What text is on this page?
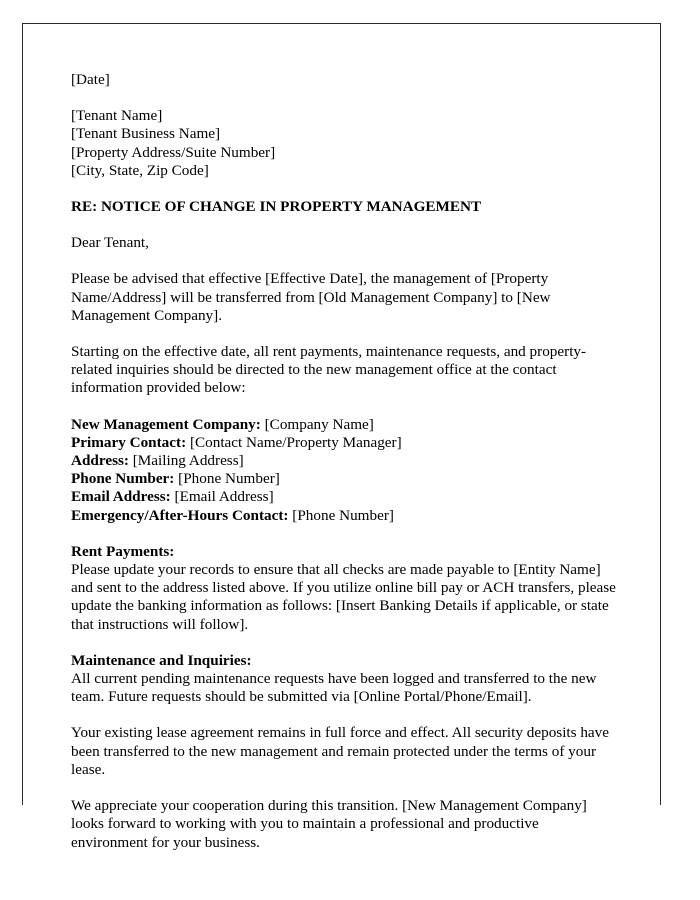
[Date]
[Tenant Name]
[Tenant Business Name]
[Property Address/Suite Number]
[City, State, Zip Code]
RE: NOTICE OF CHANGE IN PROPERTY MANAGEMENT
Dear Tenant,

Please be advised that effective [Effective Date], the management of [Property Name/Address] will be transferred from [Old Management Company] to [New Management Company].

Starting on the effective date, all rent payments, maintenance requests, and property-related inquiries should be directed to the new management office at the contact information provided below:

New Management Company: [Company Name]
Primary Contact: [Contact Name/Property Manager]
Address: [Mailing Address]
Phone Number: [Phone Number]
Email Address: [Email Address]
Emergency/After-Hours Contact: [Phone Number]
Rent Payments:

Please update your records to ensure that all checks are made payable to [Entity Name] and sent to the address listed above. If you utilize online bill pay or ACH transfers, please update the banking information as follows: [Insert Banking Details if applicable, or state that instructions will follow].

Maintenance and Inquiries:

All current pending maintenance requests have been logged and transferred to the new team. Future requests should be submitted via [Online Portal/Phone/Email].

Your existing lease agreement remains in full force and effect. All security deposits have been transferred to the new management and remain protected under the terms of your lease.

We appreciate your cooperation during this transition. [New Management Company] looks forward to working with you to maintain a professional and productive environment for your business.
